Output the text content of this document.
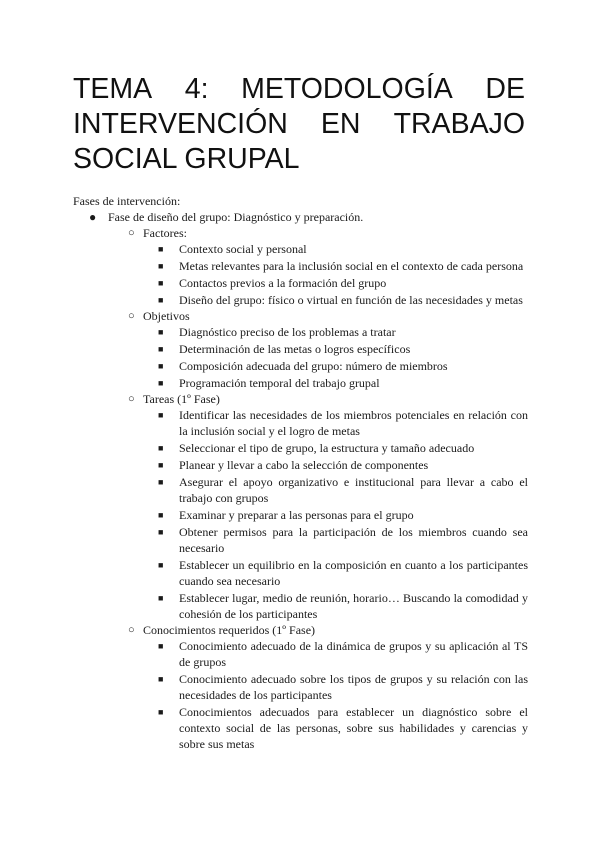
TEMA 4: METODOLOGÍA DE
INTERVENCIÓN EN TRABAJO
SOCIAL GRUPAL
Fases de intervención:
● Fase de diseño del grupo: Diagnóstico y preparación.
○ Factores:
■ Contexto social y personal
■ Metas relevantes para la inclusión social en el contexto de cada persona
■ Contactos previos a la formación del grupo
■ Diseño del grupo: físico o virtual en función de las necesidades y metas
○ Objetivos
■ Diagnóstico preciso de los problemas a tratar
■ Determinación de las metas o logros específicos
■ Composición adecuada del grupo: número de miembros
■ Programación temporal del trabajo grupal
○ Tareas (1º Fase)
■ Identificar las necesidades de los miembros potenciales en relación con la inclusión social y el logro de metas
■ Seleccionar el tipo de grupo, la estructura y tamaño adecuado
■ Planear y llevar a cabo la selección de componentes
■ Asegurar el apoyo organizativo e institucional para llevar a cabo el trabajo con grupos
■ Examinar y preparar a las personas para el grupo
■ Obtener permisos para la participación de los miembros cuando sea necesario
■ Establecer un equilibrio en la composición en cuanto a los participantes cuando sea necesario
■ Establecer lugar, medio de reunión, horario… Buscando la comodidad y cohesión de los participantes
○ Conocimientos requeridos (1º Fase)
■ Conocimiento adecuado de la dinámica de grupos y su aplicación al TS de grupos
■ Conocimiento adecuado sobre los tipos de grupos y su relación con las necesidades de los participantes
■ Conocimientos adecuados para establecer un diagnóstico sobre el contexto social de las personas, sobre sus habilidades y carencias y sobre sus metas
